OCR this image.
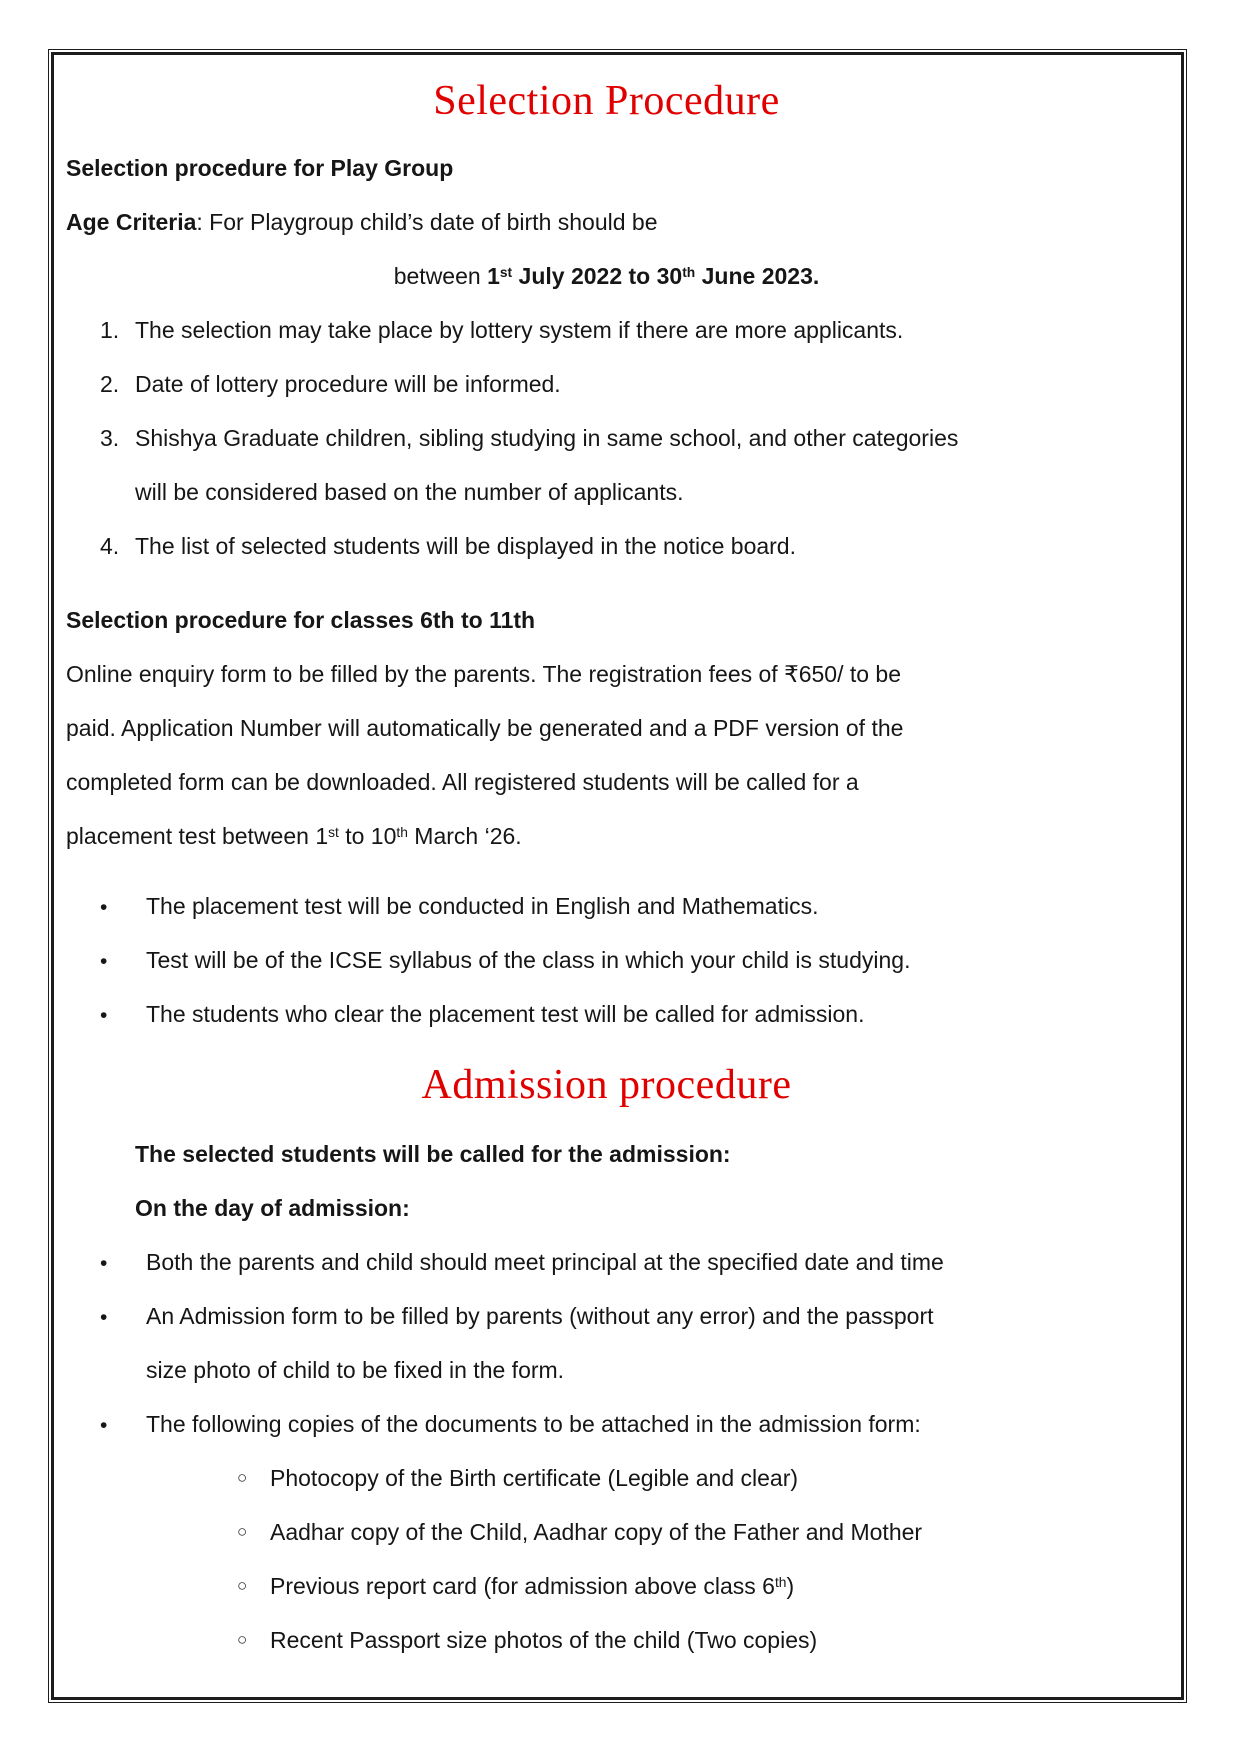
Selection Procedure
Selection procedure for Play Group
Age Criteria: For Playgroup child’s date of birth should be
between 1st July 2022 to 30th June 2023.
1. The selection may take place by lottery system if there are more applicants.
2. Date of lottery procedure will be informed.
3. Shishya Graduate children, sibling studying in same school, and other categories
will be considered based on the number of applicants.
4. The list of selected students will be displayed in the notice board.
Selection procedure for classes 6th to 11th
Online enquiry form to be filled by the parents. The registration fees of ₹650/ to be
paid. Application Number will automatically be generated and a PDF version of the
completed form can be downloaded. All registered students will be called for a
placement test between 1st to 10th March ‘26.
•	The placement test will be conducted in English and Mathematics.
•	Test will be of the ICSE syllabus of the class in which your child is studying.
•	The students who clear the placement test will be called for admission.
Admission procedure
The selected students will be called for the admission:
On the day of admission:
•	Both the parents and child should meet principal at the specified date and time
•	An Admission form to be filled by parents (without any error) and the passport
size photo of child to be fixed in the form.
•	The following copies of the documents to be attached in the admission form:
○ Photocopy of the Birth certificate (Legible and clear)
○ Aadhar copy of the Child, Aadhar copy of the Father and Mother
○ Previous report card (for admission above class 6th)
○ Recent Passport size photos of the child (Two copies)
